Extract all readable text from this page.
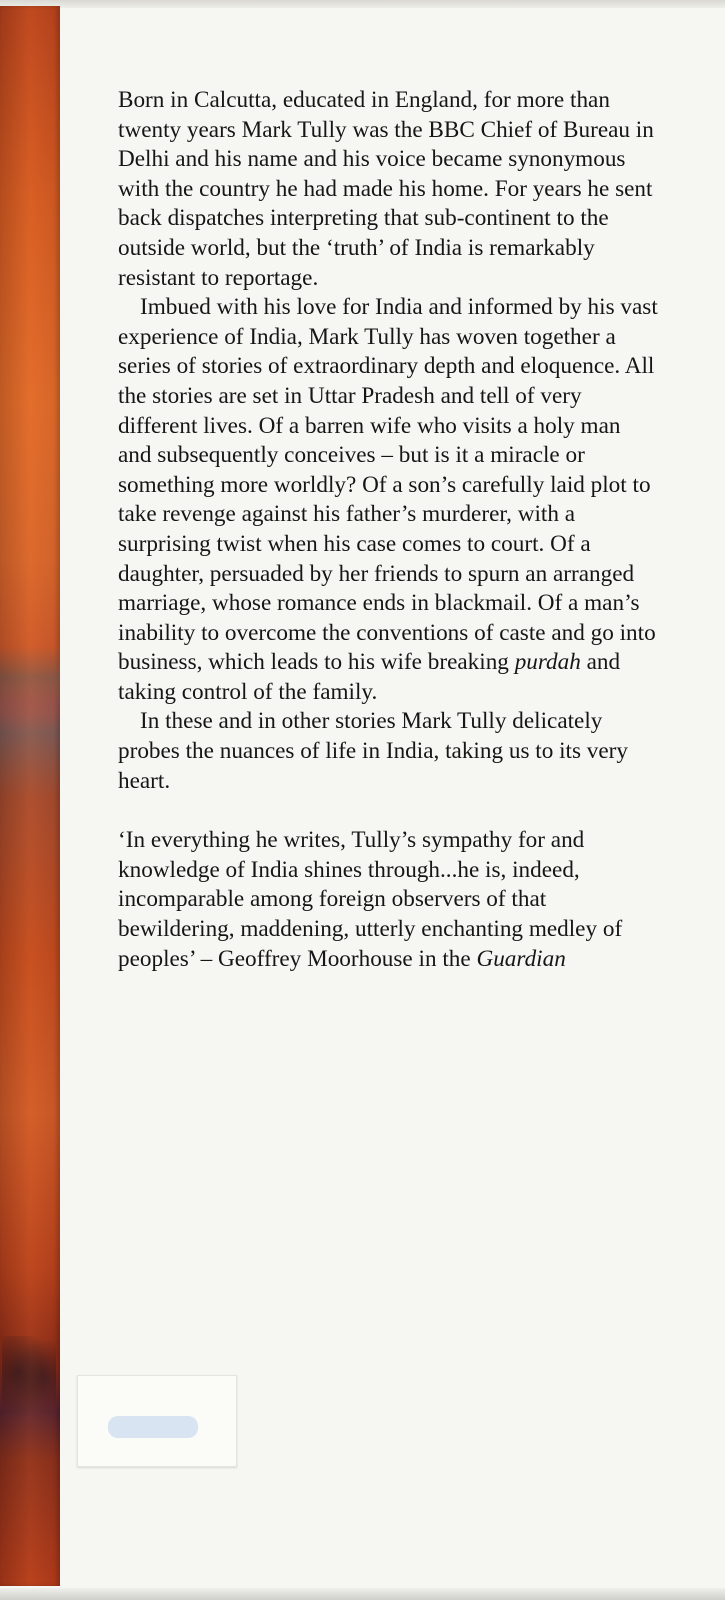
Born in Calcutta, educated in England, for more than twenty years Mark Tully was the BBC Chief of Bureau in Delhi and his name and his voice became synonymous with the country he had made his home. For years he sent back dispatches interpreting that sub-continent to the outside world, but the ‘truth’ of India is remarkably resistant to reportage.

Imbued with his love for India and informed by his vast experience of India, Mark Tully has woven together a series of stories of extraordinary depth and eloquence. All the stories are set in Uttar Pradesh and tell of very different lives. Of a barren wife who visits a holy man and subsequently conceives – but is it a miracle or something more worldly? Of a son’s carefully laid plot to take revenge against his father’s murderer, with a surprising twist when his case comes to court. Of a daughter, persuaded by her friends to spurn an arranged marriage, whose romance ends in blackmail. Of a man’s inability to overcome the conventions of caste and go into business, which leads to his wife breaking purdah and taking control of the family.

In these and in other stories Mark Tully delicately probes the nuances of life in India, taking us to its very heart.

‘In everything he writes, Tully’s sympathy for and knowledge of India shines through...he is, indeed, incomparable among foreign observers of that bewildering, maddening, utterly enchanting medley of peoples’ – Geoffrey Moorhouse in the Guardian
